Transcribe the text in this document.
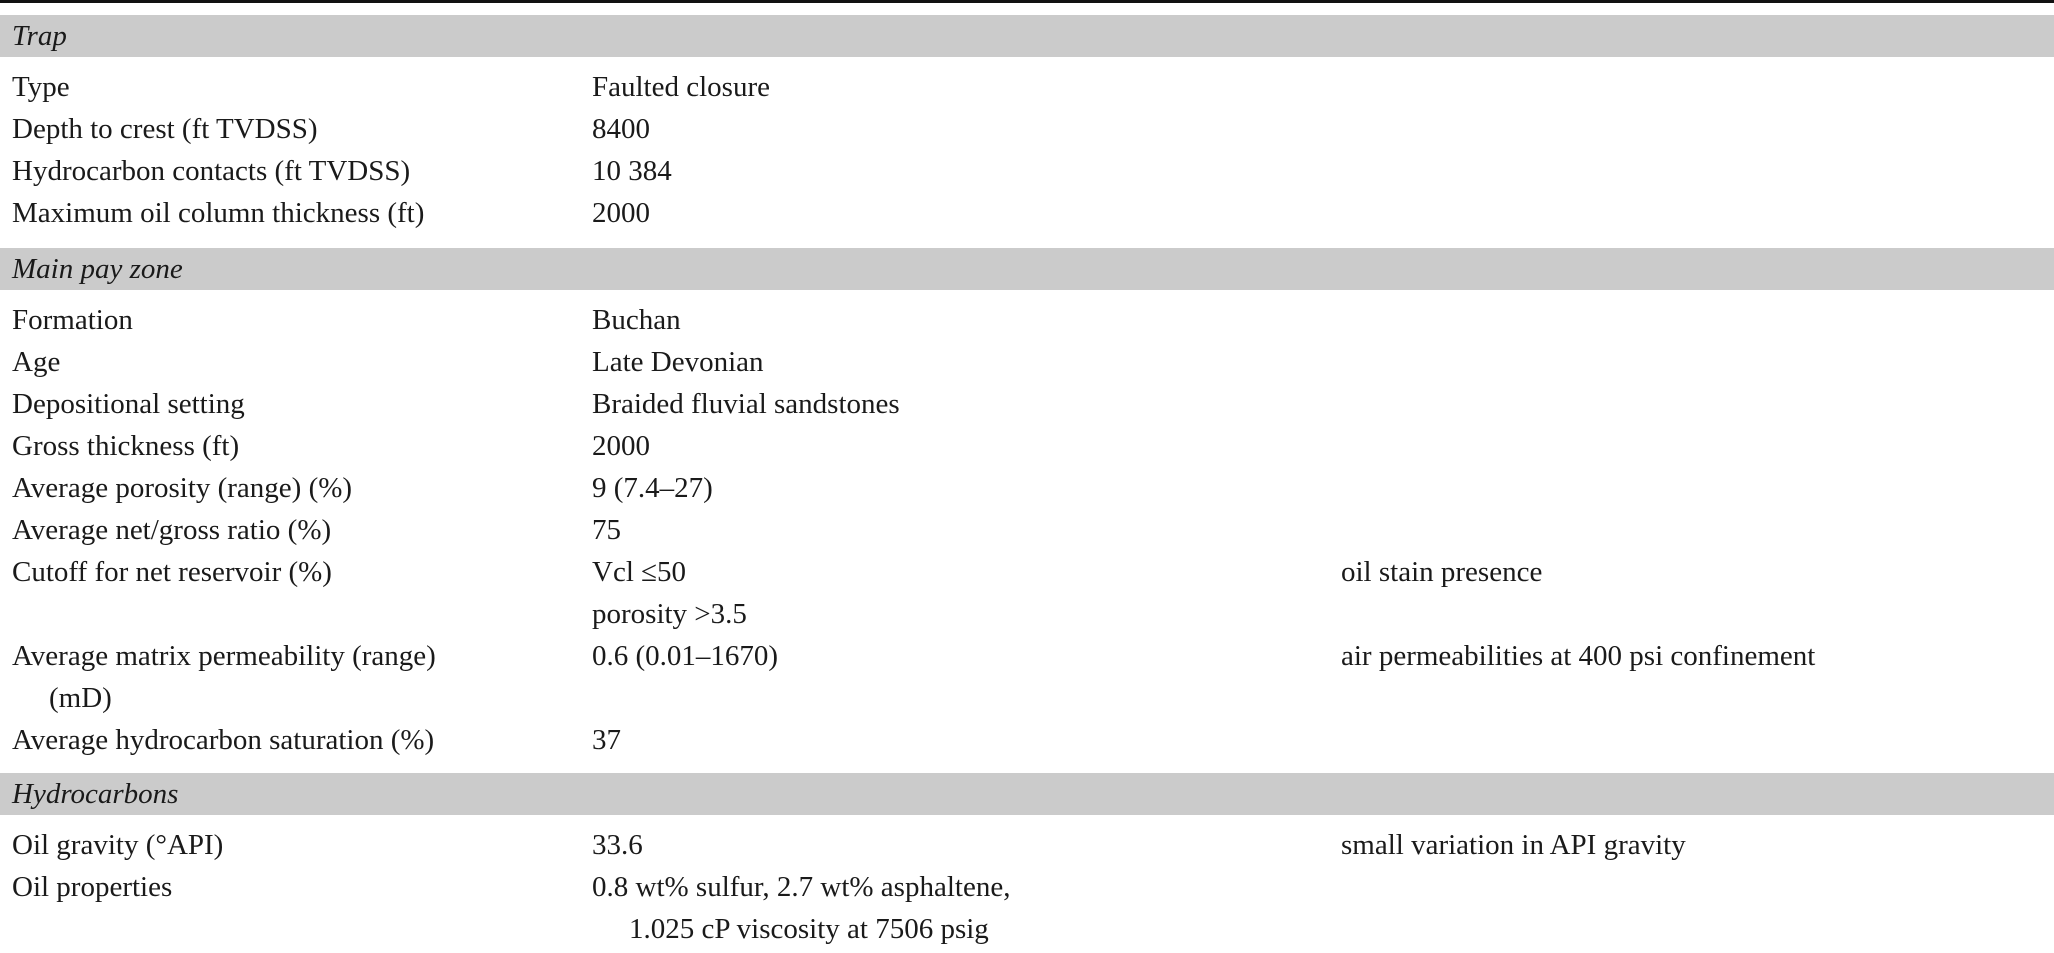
Trap
Type	Faulted closure
Depth to crest (ft TVDSS)	8400
Hydrocarbon contacts (ft TVDSS)	10 384
Maximum oil column thickness (ft)	2000
Main pay zone
Formation	Buchan
Age	Late Devonian
Depositional setting	Braided fluvial sandstones
Gross thickness (ft)	2000
Average porosity (range) (%)	9 (7.4–27)
Average net/gross ratio (%)	75
Cutoff for net reservoir (%)	Vcl ≤50	oil stain presence
porosity >3.5
Average matrix permeability (range)	0.6 (0.01–1670)	air permeabilities at 400 psi confinement
(mD)
Average hydrocarbon saturation (%)	37
Hydrocarbons
Oil gravity (°API)	33.6	small variation in API gravity
Oil properties	0.8 wt% sulfur, 2.7 wt% asphaltene,
1.025 cP viscosity at 7506 psig
